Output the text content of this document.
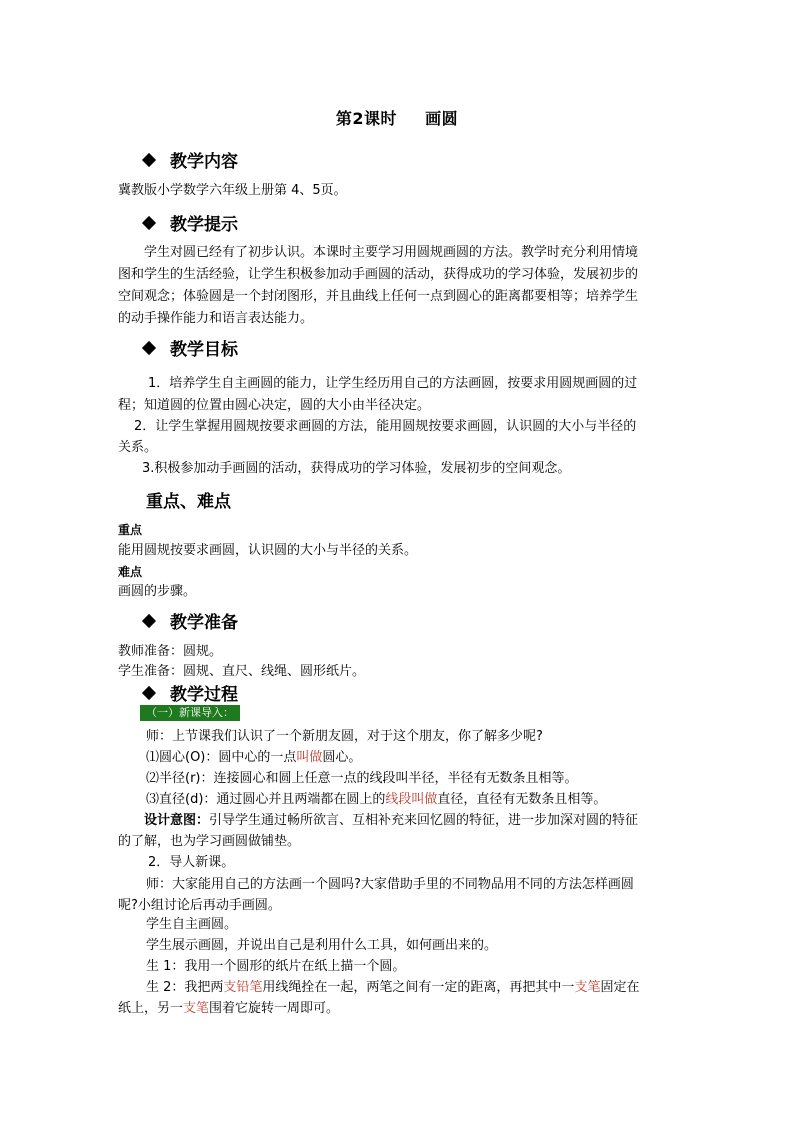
第2课时 画圆
教学内容
冀教版小学数学六年级上册第 4、5页。
教学提示
学生对圆已经有了初步认识。本课时主要学习用圆规画圆的方法。教学时充分利用情境
图和学生的生活经验，让学生积极参加动手画圆的活动，获得成功的学习体验，发展初步的
空间观念；体验圆是一个封闭图形，并且曲线上任何一点到圆心的距离都要相等；培养学生
的动手操作能力和语言表达能力。
教学目标
1．培养学生自主画圆的能力，让学生经历用自己的方法画圆，按要求用圆规画圆的过
程；知道圆的位置由圆心决定，圆的大小由半径决定。
2．让学生掌握用圆规按要求画圆的方法，能用圆规按要求画圆，认识圆的大小与半径的
关系。
3.积极参加动手画圆的活动，获得成功的学习体验，发展初步的空间观念。
重点、难点
重点
能用圆规按要求画圆，认识圆的大小与半径的关系。
难点
画圆的步骤。
教学准备
教师准备：圆规。
学生准备：圆规、直尺、线绳、圆形纸片。
教学过程
（一）新课导入：
师：上节课我们认识了一个新朋友圆，对于这个朋友，你了解多少呢?
⑴圆心(O)：圆中心的一点叫做圆心。
⑵半径(r)：连接圆心和圆上任意一点的线段叫半径，半径有无数条且相等。
⑶直径(d)：通过圆心并且两端都在圆上的线段叫做直径，直径有无数条且相等。
设计意图：引导学生通过畅所欲言、互相补充来回忆圆的特征，进一步加深对圆的特征
的了解，也为学习画圆做铺垫。
2．导人新课。
师：大家能用自己的方法画一个圆吗?大家借助手里的不同物品用不同的方法怎样画圆
呢?小组讨论后再动手画圆。
学生自主画圆。
学生展示画圆，并说出自己是利用什么工具，如何画出来的。
生 1：我用一个圆形的纸片在纸上描一个圆。
生 2：我把两支铅笔用线绳拴在一起，两笔之间有一定的距离，再把其中一支笔固定在
纸上，另一支笔围着它旋转一周即可。
